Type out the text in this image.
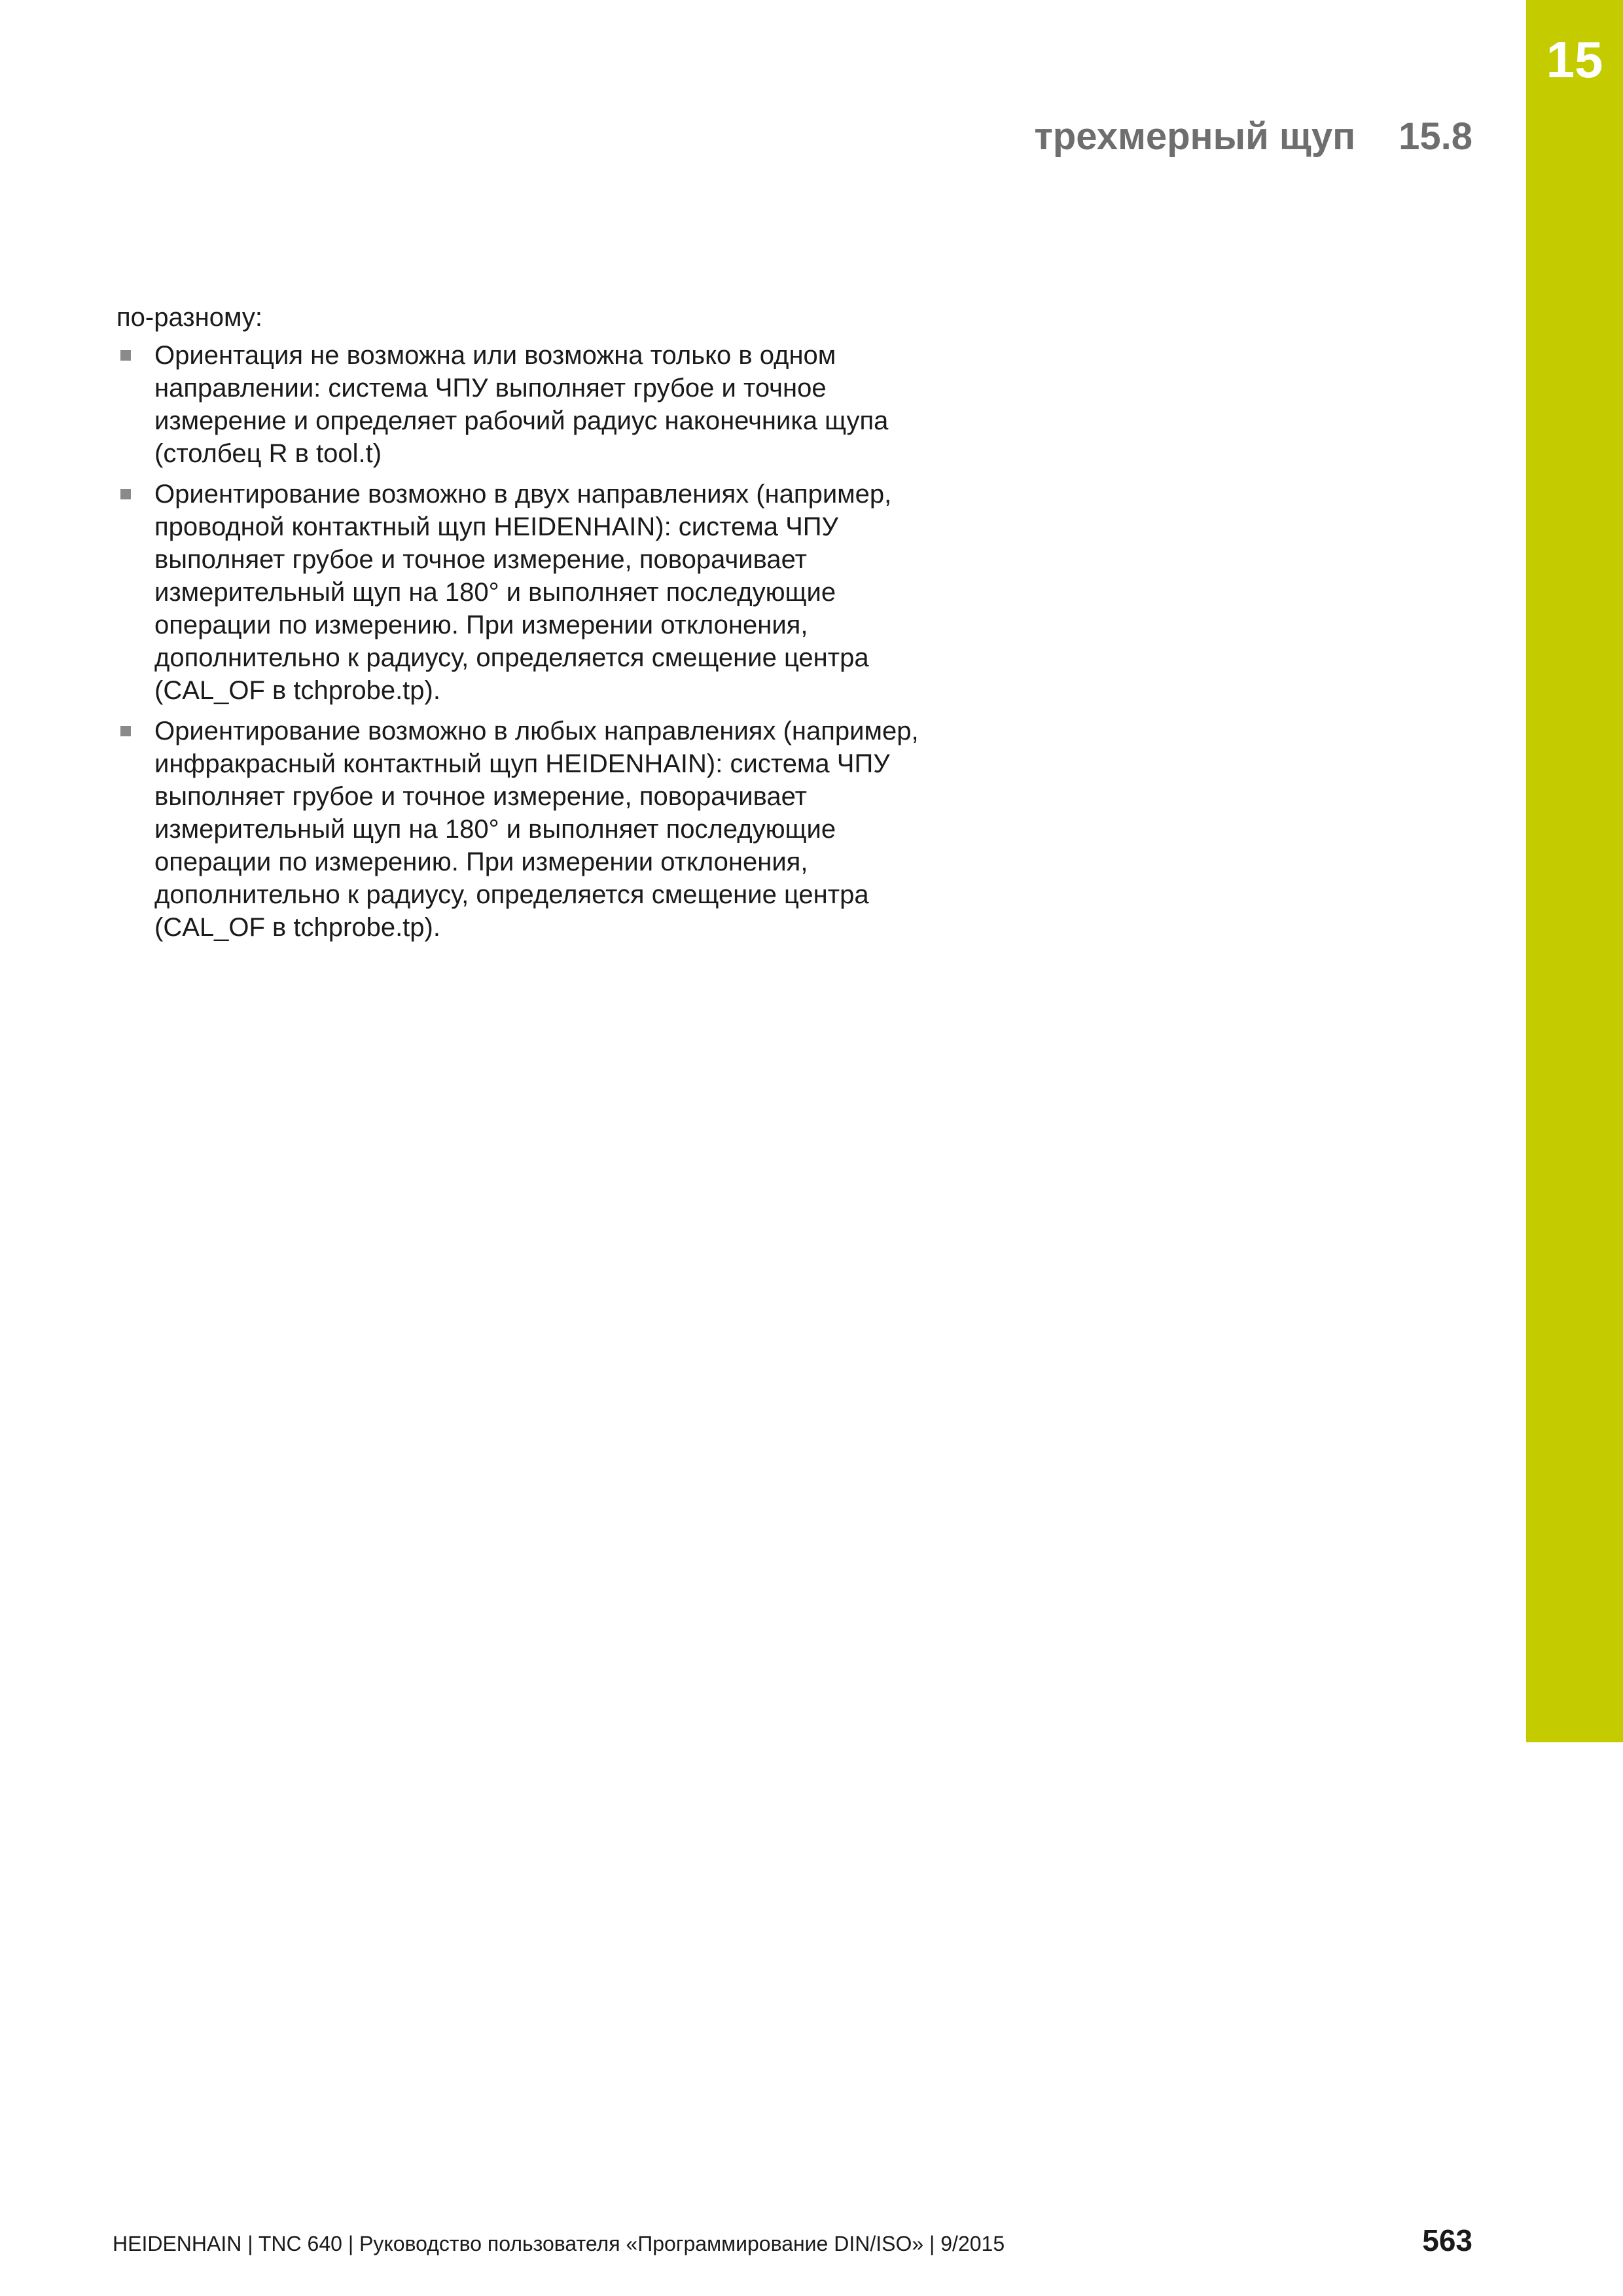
15
трехмерный щуп 15.8

по-разному:

Ориентация не возможна или возможна только в одном направлении: система ЧПУ выполняет грубое и точное измерение и определяет рабочий радиус наконечника щупа (столбец R в tool.t)
Ориентирование возможно в двух направлениях (например, проводной контактный щуп HEIDENHAIN): система ЧПУ выполняет грубое и точное измерение, поворачивает измерительный щуп на 180° и выполняет последующие операции по измерению. При измерении отклонения, дополнительно к радиусу, определяется смещение центра (CAL_OF в tchprobe.tp).
Ориентирование возможно в любых направлениях (например, инфракрасный контактный щуп HEIDENHAIN): система ЧПУ выполняет грубое и точное измерение, поворачивает измерительный щуп на 180° и выполняет последующие операции по измерению. При измерении отклонения, дополнительно к радиусу, определяется смещение центра (CAL_OF в tchprobe.tp).
HEIDENHAIN | TNC 640 | Руководство пользователя «Программирование DIN/ISO» | 9/2015	563
